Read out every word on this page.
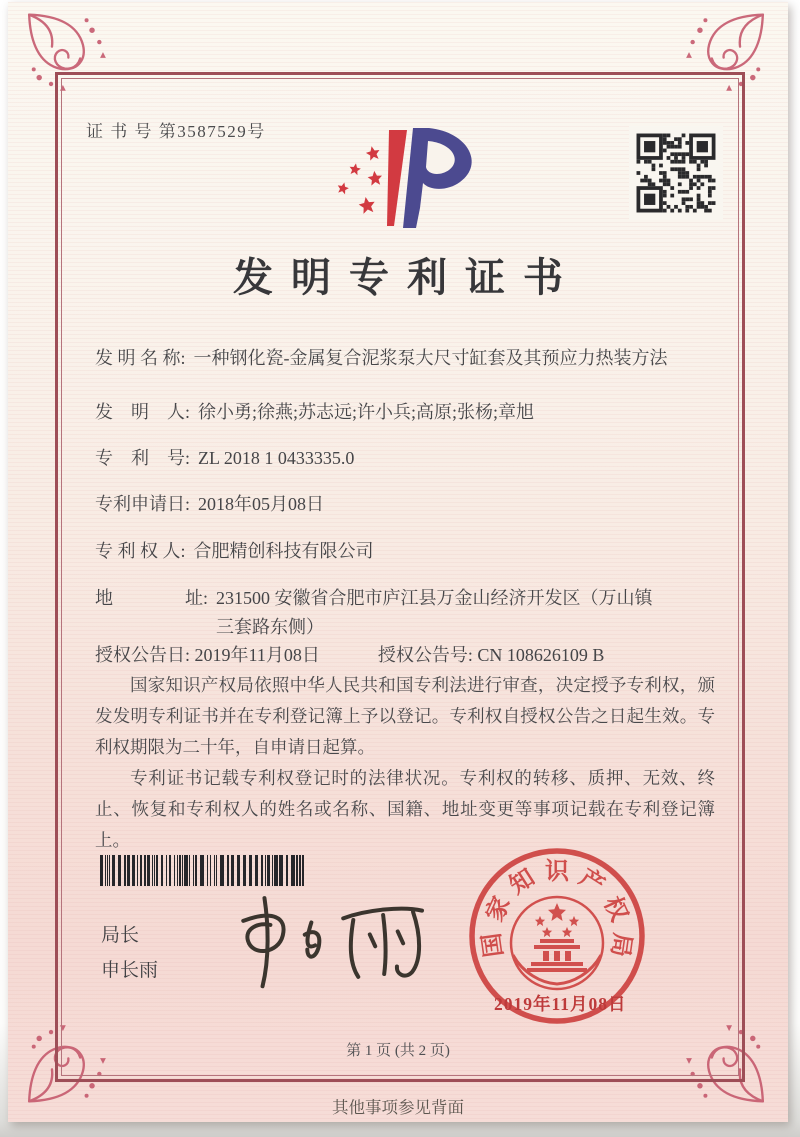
证 书 号 第3587529号
发明专利证书
发 明 名 称: 一种钢化瓷-金属复合泥浆泵大尺寸缸套及其预应力热装方法
发　明　人: 徐小勇;徐燕;苏志远;许小兵;高原;张杨;章旭
专　利　号: ZL 2018 1 0433335.0
专利申请日: 2018年05月08日
专 利 权 人: 合肥精创科技有限公司
地　　　　址: 231500 安徽省合肥市庐江县万金山经济开发区（万山镇三套路东侧）
授权公告日: 2019年11月08日	授权公告号: CN 108626109 B

国家知识产权局依照中华人民共和国专利法进行审查，决定授予专利权，颁发发明专利证书并在专利登记簿上予以登记。专利权自授权公告之日起生效。专利权期限为二十年，自申请日起算。

专利证书记载专利权登记时的法律状况。专利权的转移、质押、无效、终止、恢复和专利权人的姓名或名称、国籍、地址变更等事项记载在专利登记簿上。

局长
申长雨
国
家
知 识 产
权
局
2019年11月08日
第 1 页 (共 2 页)
其他事项参见背面
